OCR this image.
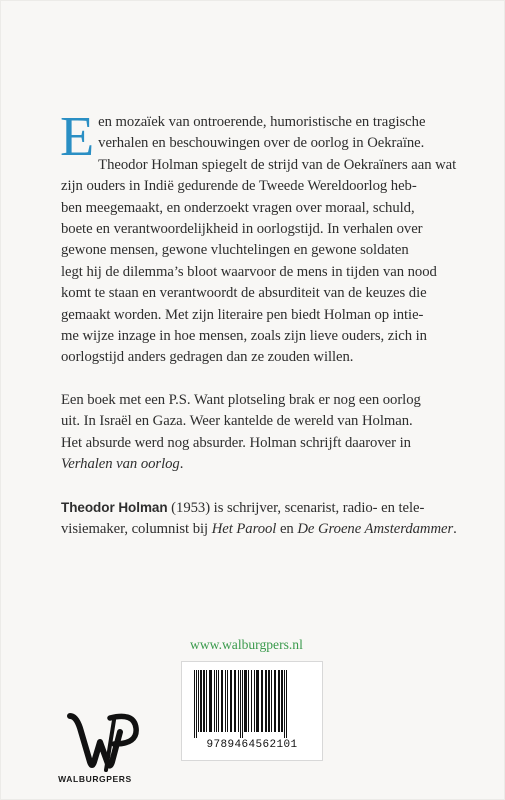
E en mozaïek van ontroerende, humoristische en tragische
verhalen en beschouwingen over de oorlog in Oekraïne.
Theodor Holman spiegelt de strijd van de Oekraïners aan wat
zijn ouders in Indië gedurende de Tweede Wereldoorlog heb-
ben meegemaakt, en onderzoekt vragen over moraal, schuld,
boete en verantwoordelijkheid in oorlogstijd. In verhalen over
gewone mensen, gewone vluchtelingen en gewone soldaten
legt hij de dilemma’s bloot waarvoor de mens in tijden van nood
komt te staan en verantwoordt de absurditeit van de keuzes die
gemaakt worden. Met zijn literaire pen biedt Holman op intie-
me wijze inzage in hoe mensen, zoals zijn lieve ouders, zich in
oorlogstijd anders gedragen dan ze zouden willen.

Een boek met een P.S. Want plotseling brak er nog een oorlog
uit. In Israël en Gaza. Weer kantelde de wereld van Holman.
Het absurde werd nog absurder. Holman schrijft daarover in
Verhalen van oorlog.

Theodor Holman (1953) is schrijver, scenarist, radio- en tele-
visiemaker, columnist bij Het Parool en De Groene Amsterdammer.

www.walburgpers.nl
9789464562101
WALBURGPERS
